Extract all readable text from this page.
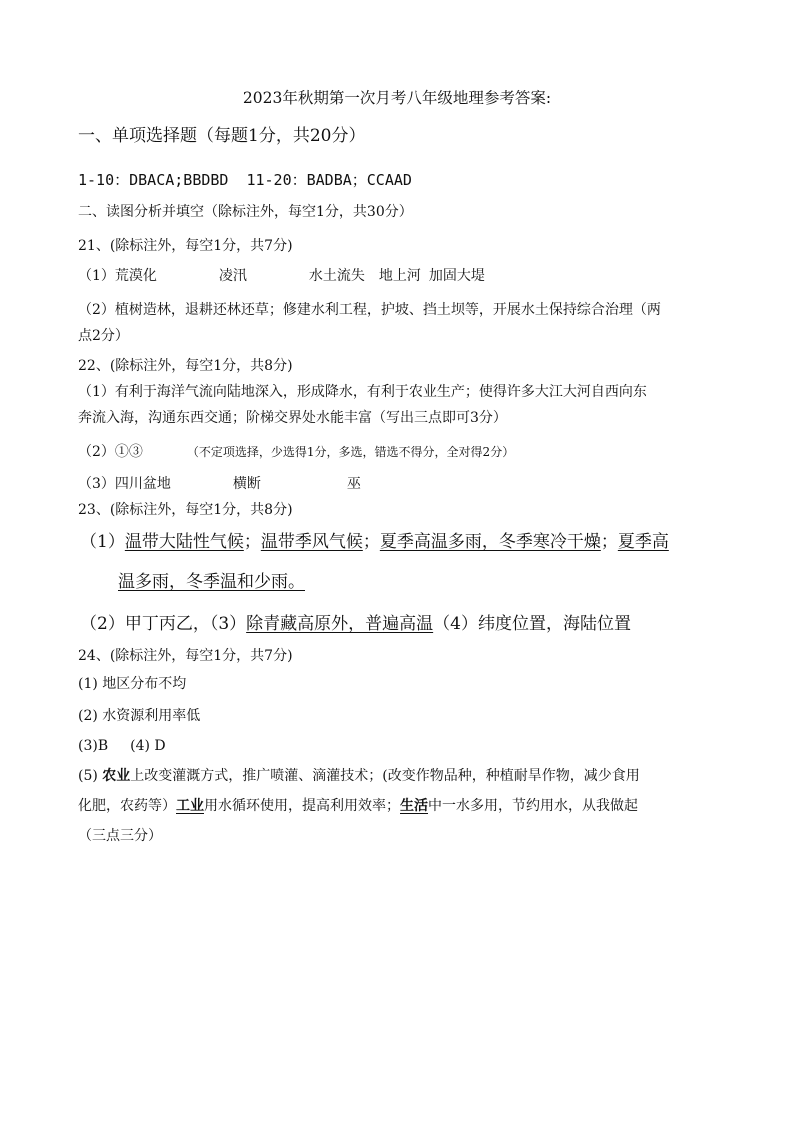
2023年秋期第一次月考八年级地理参考答案:
一、单项选择题（每题1分，共20分）
1-10：DBACA;BBDBD 11-20：BADBA；CCAAD
二、读图分析并填空（除标注外，每空1分，共30分）
21、(除标注外，每空1分，共7分)
（1）荒漠化	凌汛	水土流失 地上河 加固大堤
（2）植树造林，退耕还林还草；修建水利工程，护坡、挡土坝等，开展水土保持综合治理（两
点2分）
22、(除标注外，每空1分，共8分)
（1）有利于海洋气流向陆地深入，形成降水，有利于农业生产；使得许多大江大河自西向东
奔流入海，沟通东西交通；阶梯交界处水能丰富（写出三点即可3分）
（2）①③	（不定项选择，少选得1分，多选，错选不得分，全对得2分）
（3）四川盆地	横断	巫
23、(除标注外，每空1分，共8分)
（1）温带大陆性气候；温带季风气候；夏季高温多雨，冬季寒冷干燥；夏季高
温多雨，冬季温和少雨。
（2）甲丁丙乙，（3）除青藏高原外，普遍高温（4）纬度位置，海陆位置
24、(除标注外，每空1分，共7分)
(1) 地区分布不均
(2) 水资源利用率低
(3)B (4) D
(5) 农业上改变灌溉方式，推广喷灌、滴灌技术；(改变作物品种，种植耐旱作物，减少食用
化肥，农药等）工业用水循环使用，提高利用效率；生活中一水多用，节约用水，从我做起
（三点三分）
